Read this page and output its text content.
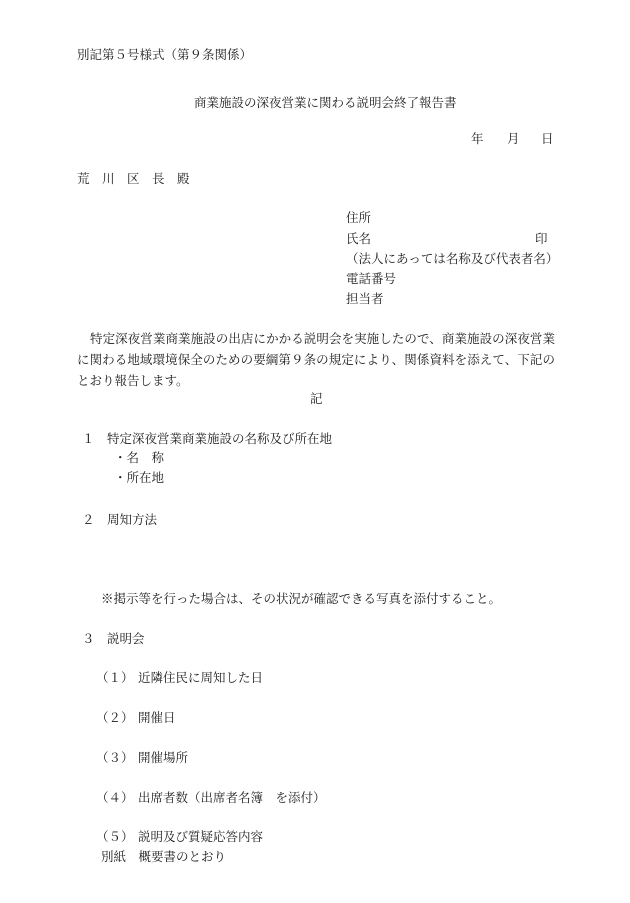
別記第５号様式（第９条関係）
商業施設の深夜営業に関わる説明会終了報告書
年 月 日
荒　川　区　長　殿
住所
氏名	印
（法人にあっては名称及び代表者名）
電話番号
担当者
特定深夜営業商業施設の出店にかかる説明会を実施したので、商業施設の深夜営業に関わる地域環境保全のための要綱第９条の規定により、関係資料を添えて、下記のとおり報告します。
記
１　特定深夜営業商業施設の名称及び所在地
・名　称
・所在地
２　周知方法
※掲示等を行った場合は、その状況が確認できる写真を添付すること。
３　説明会
（１） 近隣住民に周知した日
（２） 開催日
（３） 開催場所
（４） 出席者数（出席者名簿　を添付）
（５） 説明及び質疑応答内容
別紙　概要書のとおり
